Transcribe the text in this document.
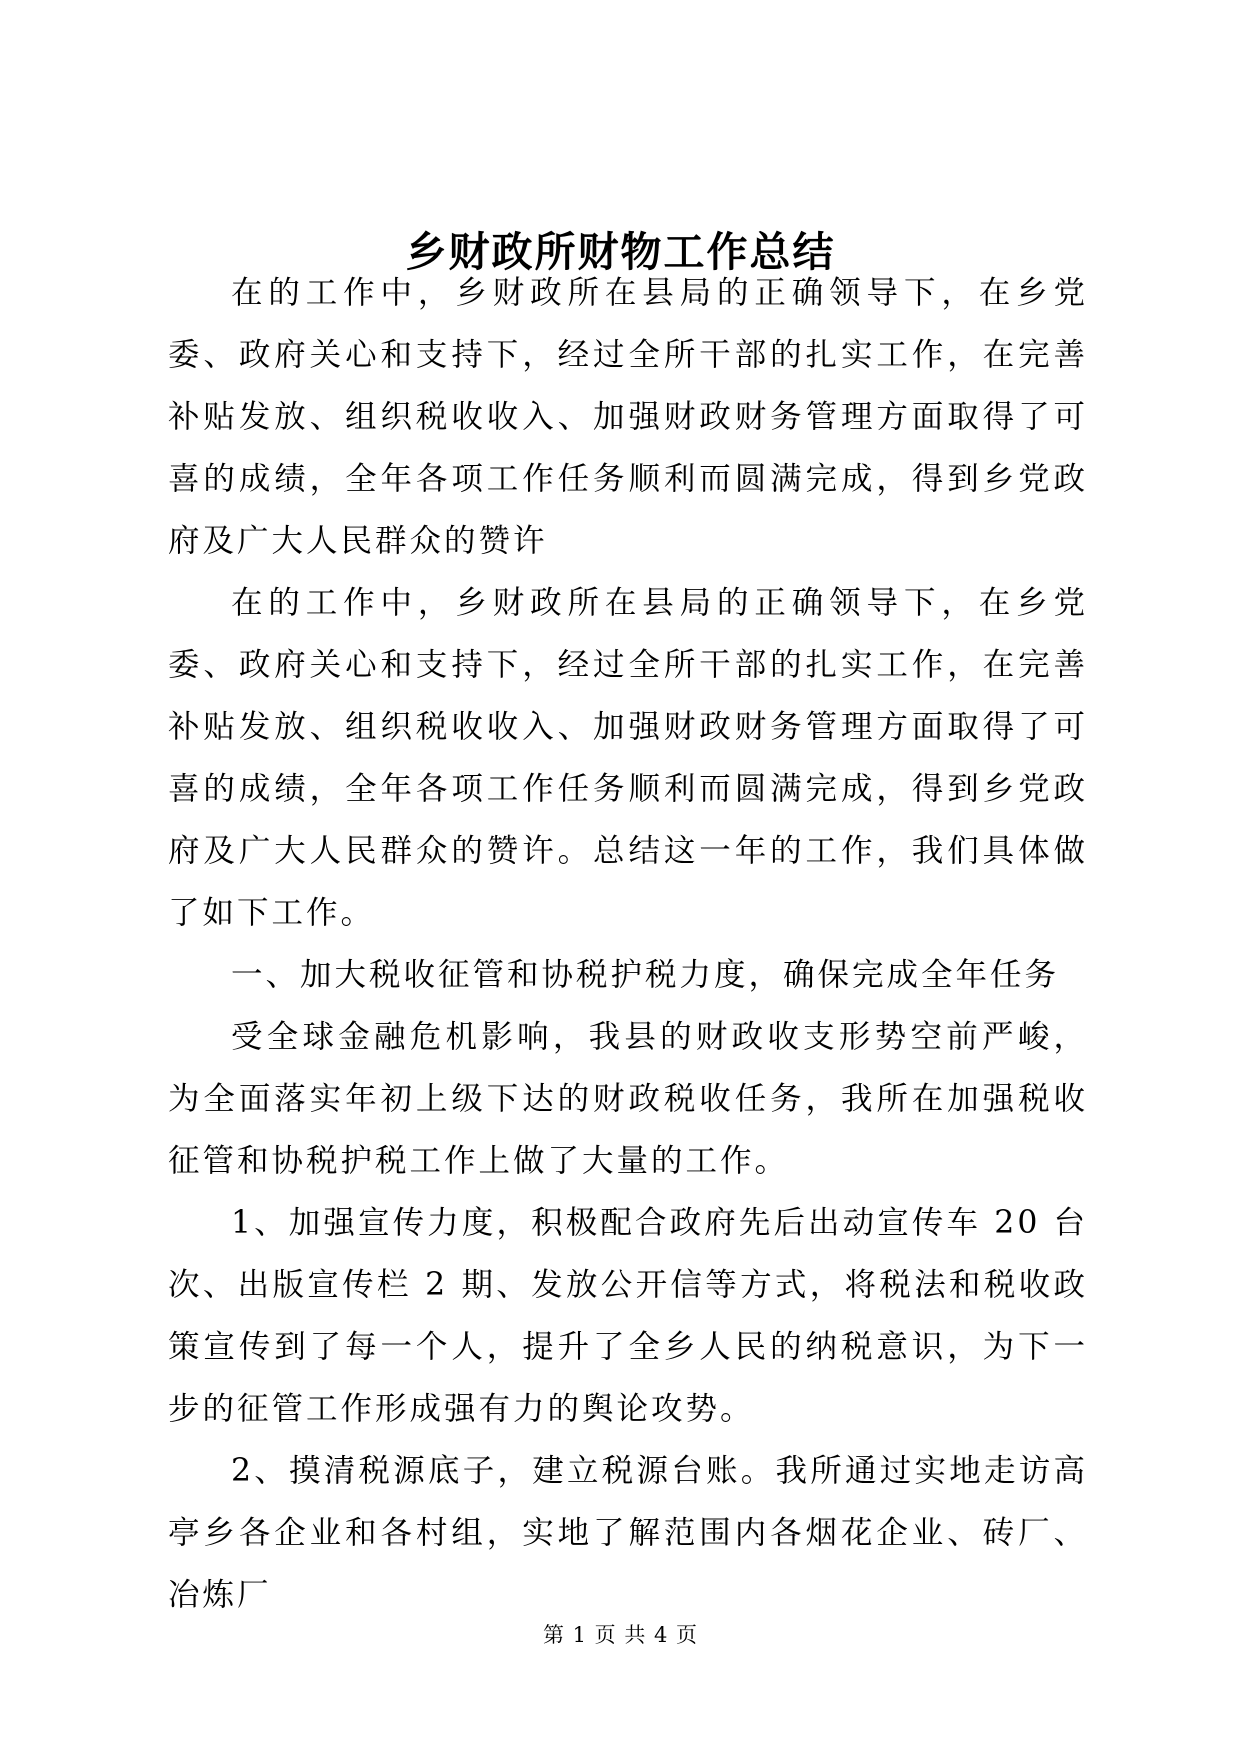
乡财政所财物工作总结

在的工作中，乡财政所在县局的正确领导下，在乡党委、政府关心和支持下，经过全所干部的扎实工作，在完善补贴发放、组织税收收入、加强财政财务管理方面取得了可喜的成绩，全年各项工作任务顺利而圆满完成，得到乡党政府及广大人民群众的赞许

在的工作中，乡财政所在县局的正确领导下，在乡党委、政府关心和支持下，经过全所干部的扎实工作，在完善补贴发放、组织税收收入、加强财政财务管理方面取得了可喜的成绩，全年各项工作任务顺利而圆满完成，得到乡党政府及广大人民群众的赞许。总结这一年的工作，我们具体做了如下工作。

一、加大税收征管和协税护税力度，确保完成全年任务

受全球金融危机影响，我县的财政收支形势空前严峻，为全面落实年初上级下达的财政税收任务，我所在加强税收征管和协税护税工作上做了大量的工作。

1、加强宣传力度，积极配合政府先后出动宣传车 20 台次、出版宣传栏 2 期、发放公开信等方式，将税法和税收政策宣传到了每一个人，提升了全乡人民的纳税意识，为下一步的征管工作形成强有力的舆论攻势。

2、摸清税源底子，建立税源台账。我所通过实地走访高亭乡各企业和各村组，实地了解范围内各烟花企业、砖厂、冶炼厂

第 1 页 共 4 页
